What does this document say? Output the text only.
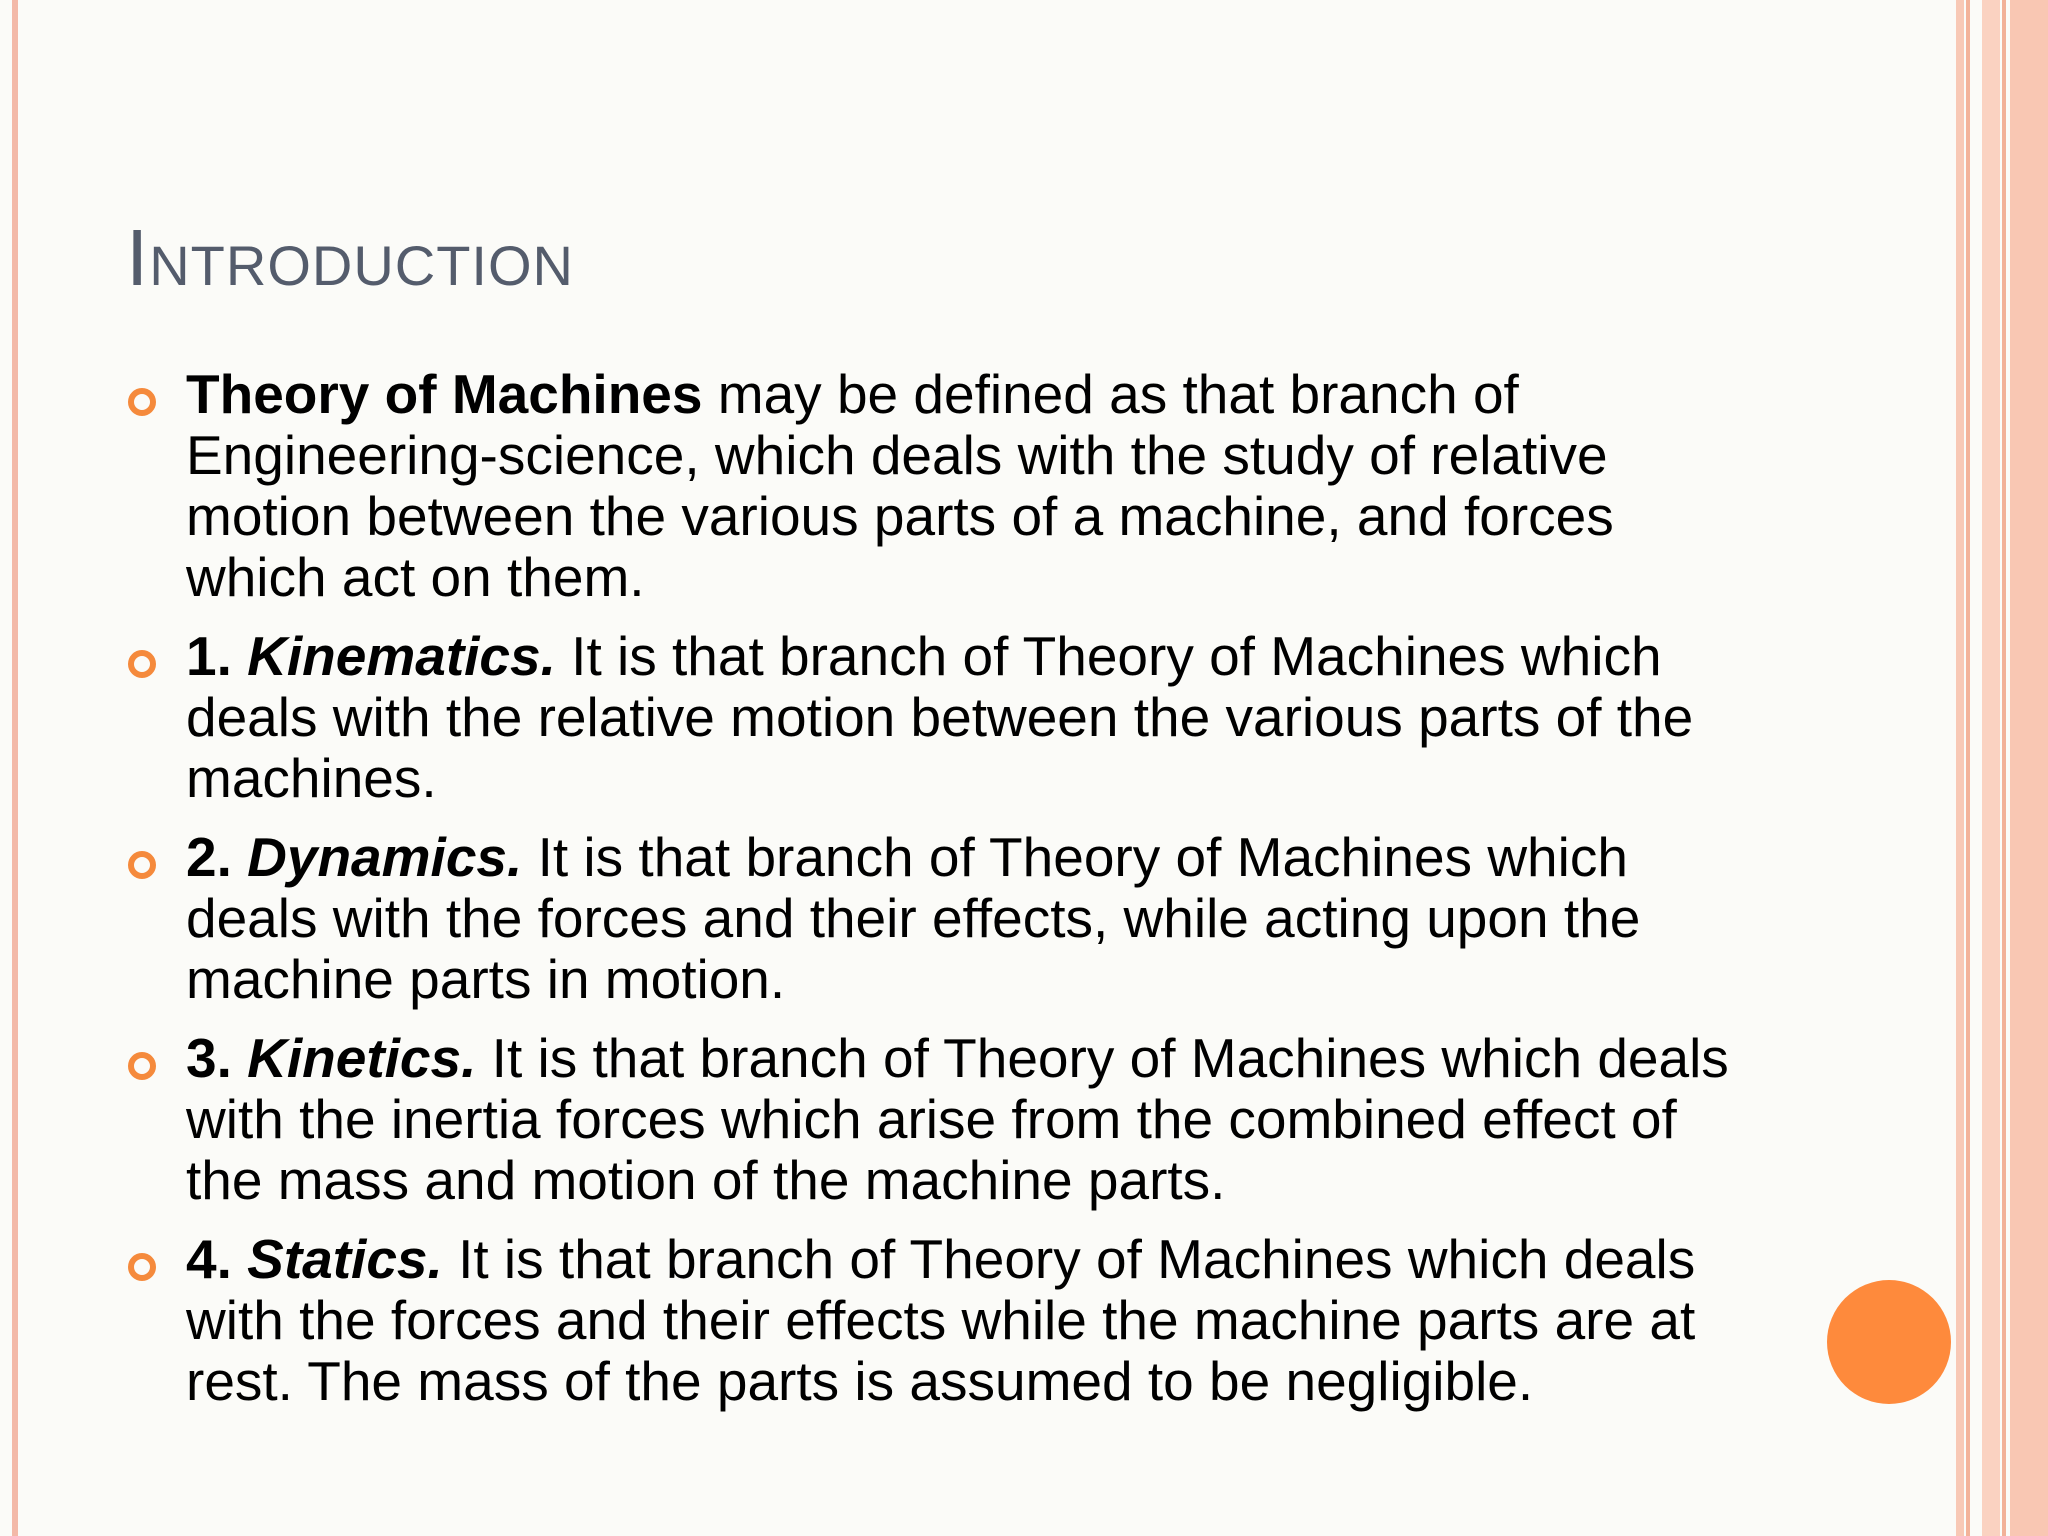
INTRODUCTION
Theory of Machines may be defined as that branch of Engineering-science, which deals with the study of relative motion between the various parts of a machine, and forces which act on them.
1. Kinematics. It is that branch of Theory of Machines which deals with the relative motion between the various parts of the machines.
2. Dynamics. It is that branch of Theory of Machines which deals with the forces and their effects, while acting upon the machine parts in motion.
3. Kinetics. It is that branch of Theory of Machines which deals with the inertia forces which arise from the combined effect of the mass and motion of the machine parts.
4. Statics. It is that branch of Theory of Machines which deals with the forces and their effects while the machine parts are at rest. The mass of the parts is assumed to be negligible.
